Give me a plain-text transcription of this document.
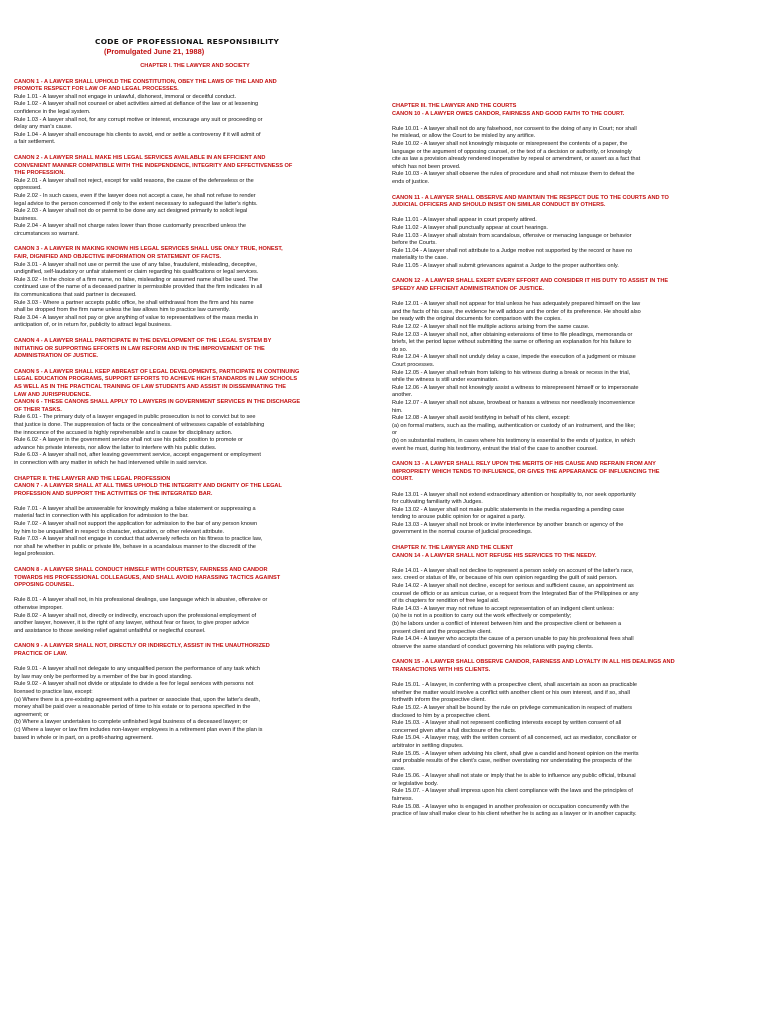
CODE OF PROFESSIONAL RESPONSIBILITY
(Promulgated June 21, 1988)
CHAPTER I. THE LAWYER AND SOCIETY
CANON 1 - A LAWYER SHALL UPHOLD THE CONSTITUTION, OBEY THE LAWS OF THE LAND AND
PROMOTE RESPECT FOR LAW OF AND LEGAL PROCESSES.
Rule 1.01 - A lawyer shall not engage in unlawful, dishonest, immoral or deceitful conduct.
Rule 1.02 - A lawyer shall not counsel or abet activities aimed at defiance of the law or at lessening
confidence in the legal system.
Rule 1.03 - A lawyer shall not, for any corrupt motive or interest, encourage any suit or proceeding or
delay any man's cause.
Rule 1.04 - A lawyer shall encourage his clients to avoid, end or settle a controversy if it will admit of
a fair settlement.
CANON 2 - A LAWYER SHALL MAKE HIS LEGAL SERVICES AVAILABLE IN AN EFFICIENT AND
CONVENIENT MANNER COMPATIBLE WITH THE INDEPENDENCE, INTEGRITY AND EFFECTIVENESS OF
THE PROFESSION.
Rule 2.01 - A lawyer shall not reject, except for valid reasons, the cause of the defenseless or the
oppressed.
Rule 2.02 - In such cases, even if the lawyer does not accept a case, he shall not refuse to render
legal advice to the person concerned if only to the extent necessary to safeguard the latter's rights.
Rule 2.03 - A lawyer shall not do or permit to be done any act designed primarily to solicit legal
business.
Rule 2.04 - A lawyer shall not charge rates lower than those customarily prescribed unless the
circumstances so warrant.
CANON 3 - A LAWYER IN MAKING KNOWN HIS LEGAL SERVICES SHALL USE ONLY TRUE, HONEST,
FAIR, DIGNIFIED AND OBJECTIVE INFORMATION OR STATEMENT OF FACTS.
Rule 3.01 - A lawyer shall not use or permit the use of any false, fraudulent, misleading, deceptive,
undignified, self-laudatory or unfair statement or claim regarding his qualifications or legal services.
Rule 3.02 - In the choice of a firm name, no false, misleading or assumed name shall be used. The
continued use of the name of a deceased partner is permissible provided that the firm indicates in all
its communications that said partner is deceased.
Rule 3.03 - Where a partner accepts public office, he shall withdrawal from the firm and his name
shall be dropped from the firm name unless the law allows him to practice law currently.
Rule 3.04 - A lawyer shall not pay or give anything of value to representatives of the mass media in
anticipation of, or in return for, publicity to attract legal business.
CANON 4 - A LAWYER SHALL PARTICIPATE IN THE DEVELOPMENT OF THE LEGAL SYSTEM BY
INITIATING OR SUPPORTING EFFORTS IN LAW REFORM AND IN THE IMPROVEMENT OF THE
ADMINISTRATION OF JUSTICE.
CANON 5 - A LAWYER SHALL KEEP ABREAST OF LEGAL DEVELOPMENTS, PARTICIPATE IN CONTINUING
LEGAL EDUCATION PROGRAMS, SUPPORT EFFORTS TO ACHIEVE HIGH STANDARDS IN LAW SCHOOLS
AS WELL AS IN THE PRACTICAL TRAINING OF LAW STUDENTS AND ASSIST IN DISSEMINATING THE
LAW AND JURISPRUDENCE.
CANON 6 - THESE CANONS SHALL APPLY TO LAWYERS IN GOVERNMENT SERVICES IN THE DISCHARGE
OF THEIR TASKS.
Rule 6.01 - The primary duty of a lawyer engaged in public prosecution is not to convict but to see
that justice is done. The suppression of facts or the concealment of witnesses capable of establishing
the innocence of the accused is highly reprehensible and is cause for disciplinary action.
Rule 6.02 - A lawyer in the government service shall not use his public position to promote or
advance his private interests, nor allow the latter to interfere with his public duties.
Rule 6.03 - A lawyer shall not, after leaving government service, accept engagement or employment
in connection with any matter in which he had intervened while in said service.
CHAPTER II. THE LAWYER AND THE LEGAL PROFESSION
CANON 7 - A LAWYER SHALL AT ALL TIMES UPHOLD THE INTEGRITY AND DIGNITY OF THE LEGAL
PROFESSION AND SUPPORT THE ACTIVITIES OF THE INTEGRATED BAR.

Rule 7.01 - A lawyer shall be answerable for knowingly making a false statement or suppressing a
material fact in connection with his application for admission to the bar.
Rule 7.02 - A lawyer shall not support the application for admission to the bar of any person known
by him to be unqualified in respect to character, education, or other relevant attribute.
Rule 7.03 - A lawyer shall not engage in conduct that adversely reflects on his fitness to practice law,
nor shall he whether in public or private life, behave in a scandalous manner to the discredit of the
legal profession.
CANON 8 - A LAWYER SHALL CONDUCT HIMSELF WITH COURTESY, FAIRNESS AND CANDOR
TOWARDS HIS PROFESSIONAL COLLEAGUES, AND SHALL AVOID HARASSING TACTICS AGAINST
OPPOSING COUNSEL.

Rule 8.01 - A lawyer shall not, in his professional dealings, use language which is abusive, offensive or
otherwise improper.
Rule 8.02 - A lawyer shall not, directly or indirectly, encroach upon the professional employment of
another lawyer, however, it is the right of any lawyer, without fear or favor, to give proper advice
and assistance to those seeking relief against unfaithful or neglectful counsel.
CANON 9 - A LAWYER SHALL NOT, DIRECTLY OR INDIRECTLY, ASSIST IN THE UNAUTHORIZED
PRACTICE OF LAW.

Rule 9.01 - A lawyer shall not delegate to any unqualified person the performance of any task which
by law may only be performed by a member of the bar in good standing.
Rule 9.02 - A lawyer shall not divide or stipulate to divide a fee for legal services with persons not
licensed to practice law, except:
(a) Where there is a pre-existing agreement with a partner or associate that, upon the latter's death,
money shall be paid over a reasonable period of time to his estate or to persons specified in the
agreement; or
(b) Where a lawyer undertakes to complete unfinished legal business of a deceased lawyer; or
(c) Where a lawyer or law firm includes non-lawyer employees in a retirement plan even if the plan is
based in whole or in part, on a profit-sharing agreement.
CHAPTER III. THE LAWYER AND THE COURTS
CANON 10 - A LAWYER OWES CANDOR, FAIRNESS AND GOOD FAITH TO THE COURT.

Rule 10.01 - A lawyer shall not do any falsehood, nor consent to the doing of any in Court; nor shall
he mislead, or allow the Court to be misled by any artifice.
Rule 10.02 - A lawyer shall not knowingly misquote or misrepresent the contents of a paper, the
language or the argument of opposing counsel, or the text of a decision or authority, or knowingly
cite as law a provision already rendered inoperative by repeal or amendment, or assert as a fact that
which has not been proved.
Rule 10.03 - A lawyer shall observe the rules of procedure and shall not misuse them to defeat the
ends of justice.
CANON 11 - A LAWYER SHALL OBSERVE AND MAINTAIN THE RESPECT DUE TO THE COURTS AND TO
JUDICIAL OFFICERS AND SHOULD INSIST ON SIMILAR CONDUCT BY OTHERS.

Rule 11.01 - A lawyer shall appear in court properly attired.
Rule 11.02 - A lawyer shall punctually appear at court hearings.
Rule 11.03 - A lawyer shall abstain from scandalous, offensive or menacing language or behavior
before the Courts.
Rule 11.04 - A lawyer shall not attribute to a Judge motive not supported by the record or have no
materiality to the case.
Rule 11.05 - A lawyer shall submit grievances against a Judge to the proper authorities only.
CANON 12 - A LAWYER SHALL EXERT EVERY EFFORT AND CONSIDER IT HIS DUTY TO ASSIST IN THE
SPEEDY AND EFFICIENT ADMINISTRATION OF JUSTICE.

Rule 12.01 - A lawyer shall not appear for trial unless he has adequately prepared himself on the law
and the facts of his case, the evidence he will adduce and the order of its preference. He should also
be ready with the original documents for comparison with the copies.
Rule 12.02 - A lawyer shall not file multiple actions arising from the same cause.
Rule 12.03 - A lawyer shall not, after obtaining extensions of time to file pleadings, memoranda or
briefs, let the period lapse without submitting the same or offering an explanation for his failure to
do so.
Rule 12.04 - A lawyer shall not unduly delay a case, impede the execution of a judgment or misuse
Court processes.
Rule 12.05 - A lawyer shall refrain from talking to his witness during a break or recess in the trial,
while the witness is still under examination.
Rule 12.06 - A lawyer shall not knowingly assist a witness to misrepresent himself or to impersonate
another.
Rule 12.07 - A lawyer shall not abuse, browbeat or harass a witness nor needlessly inconvenience
him.
Rule 12.08 - A lawyer shall avoid testifying in behalf of his client, except:
(a) on formal matters, such as the mailing, authentication or custody of an instrument, and the like;
or
(b) on substantial matters, in cases where his testimony is essential to the ends of justice, in which
event he must, during his testimony, entrust the trial of the case to another counsel.
CANON 13 - A LAWYER SHALL RELY UPON THE MERITS OF HIS CAUSE AND REFRAIN FROM ANY
IMPROPRIETY WHICH TENDS TO INFLUENCE, OR GIVES THE APPEARANCE OF INFLUENCING THE
COURT.

Rule 13.01 - A lawyer shall not extend extraordinary attention or hospitality to, nor seek opportunity
for cultivating familiarity with Judges.
Rule 13.02 - A lawyer shall not make public statements in the media regarding a pending case
tending to arouse public opinion for or against a party.
Rule 13.03 - A lawyer shall not brook or invite interference by another branch or agency of the
government in the normal course of judicial proceedings.
CHAPTER IV. THE LAWYER AND THE CLIENT
CANON 14 - A LAWYER SHALL NOT REFUSE HIS SERVICES TO THE NEEDY.

Rule 14.01 - A lawyer shall not decline to represent a person solely on account of the latter's race,
sex. creed or status of life, or because of his own opinion regarding the guilt of said person.
Rule 14.02 - A lawyer shall not decline, except for serious and sufficient cause, an appointment as
counsel de officio or as amicus curiae, or a request from the Integrated Bar of the Philippines or any
of its chapters for rendition of free legal aid.
Rule 14.03 - A lawyer may not refuse to accept representation of an indigent client unless:
(a) he is not in a position to carry out the work effectively or competently;
(b) he labors under a conflict of interest between him and the prospective client or between a
present client and the prospective client.
Rule 14.04 - A lawyer who accepts the cause of a person unable to pay his professional fees shall
observe the same standard of conduct governing his relations with paying clients.
CANON 15 - A LAWYER SHALL OBSERVE CANDOR, FAIRNESS AND LOYALTY IN ALL HIS DEALINGS AND
TRANSACTIONS WITH HIS CLIENTS.

Rule 15.01. - A lawyer, in conferring with a prospective client, shall ascertain as soon as practicable
whether the matter would involve a conflict with another client or his own interest, and if so, shall
forthwith inform the prospective client.
Rule 15.02.- A lawyer shall be bound by the rule on privilege communication in respect of matters
disclosed to him by a prospective client.
Rule 15.03. - A lawyer shall not represent conflicting interests except by written consent of all
concerned given after a full disclosure of the facts.
Rule 15.04. - A lawyer may, with the written consent of all concerned, act as mediator, conciliator or
arbitrator in settling disputes.
Rule 15.05. - A lawyer when advising his client, shall give a candid and honest opinion on the merits
and probable results of the client's case, neither overstating nor understating the prospects of the
case.
Rule 15.06. - A lawyer shall not state or imply that he is able to influence any public official, tribunal
or legislative body.
Rule 15.07. - A lawyer shall impress upon his client compliance with the laws and the principles of
fairness.
Rule 15.08. - A lawyer who is engaged in another profession or occupation concurrently with the
practice of law shall make clear to his client whether he is acting as a lawyer or in another capacity.
